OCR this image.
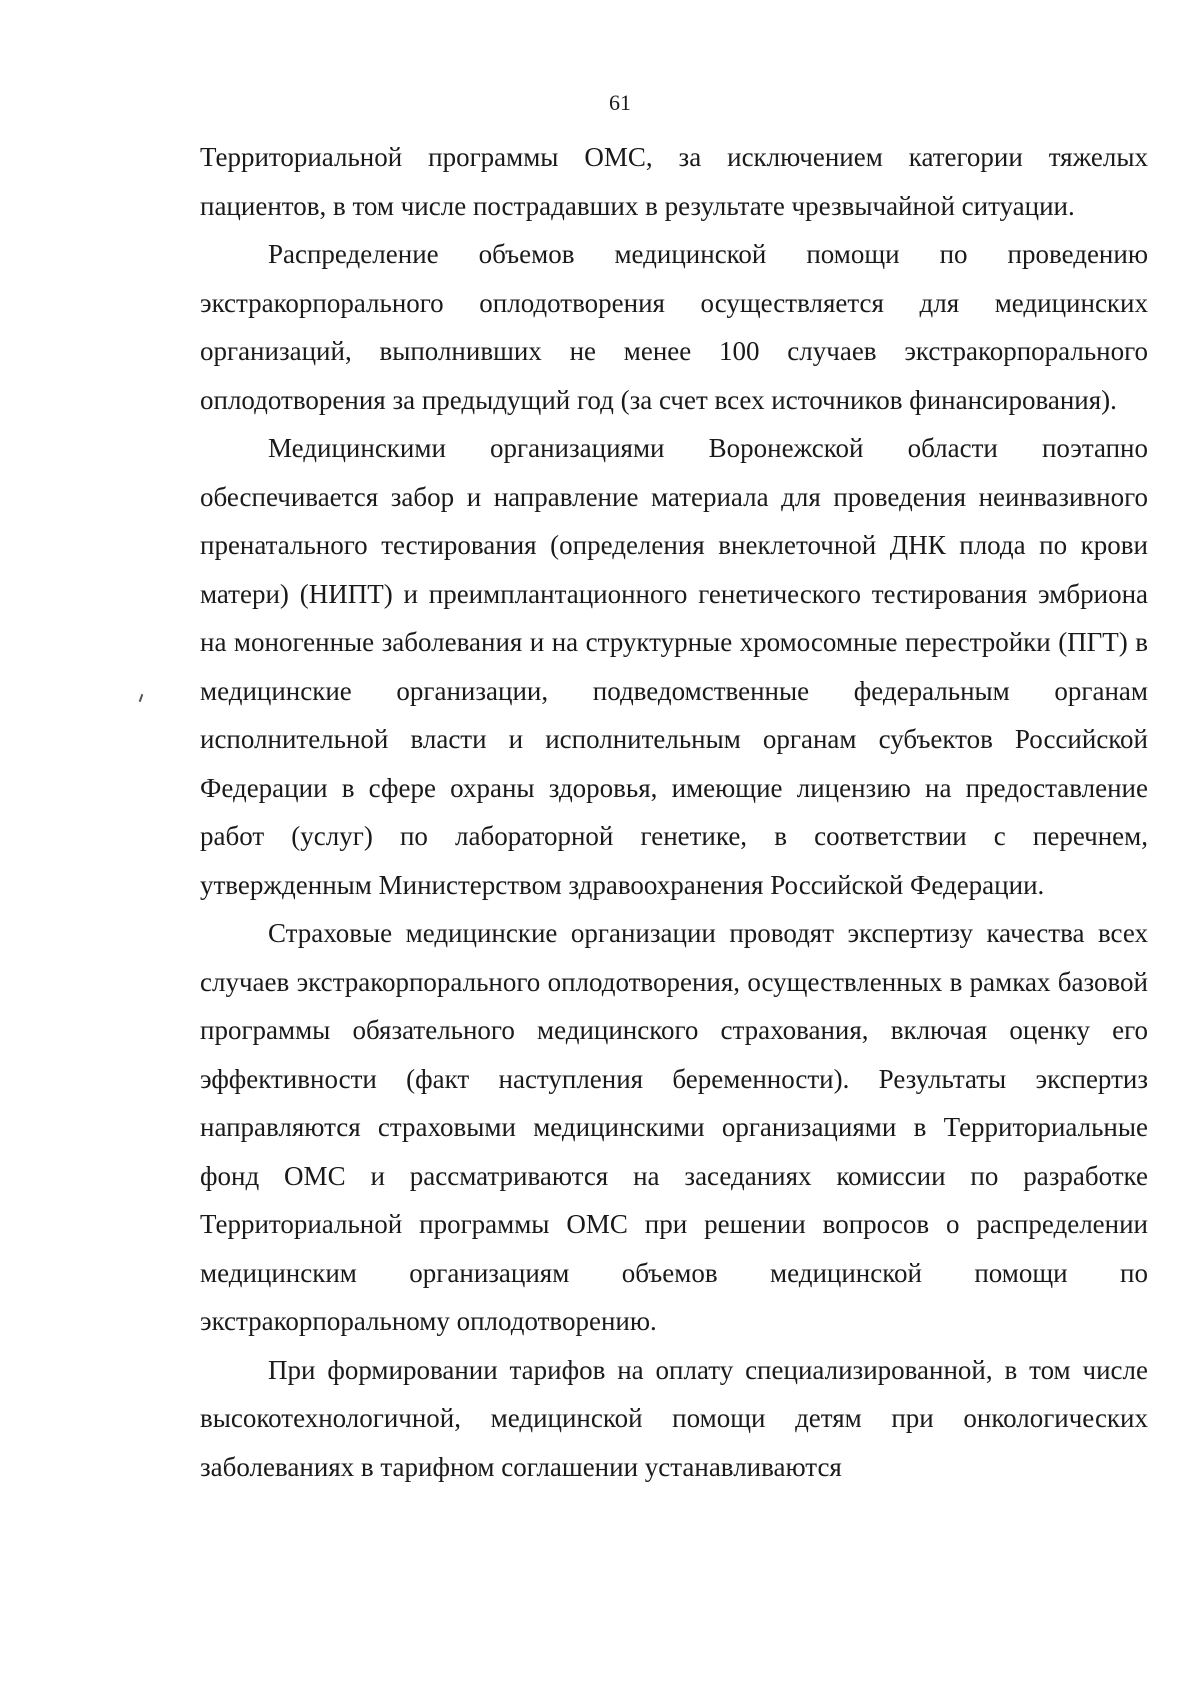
61

Территориальной программы ОМС, за исключением категории тяжелых пациентов, в том числе пострадавших в результате чрезвычайной ситуации.

Распределение объемов медицинской помощи по проведению экстракорпорального оплодотворения осуществляется для медицинских организаций, выполнивших не менее 100 случаев экстракорпорального оплодотворения за предыдущий год (за счет всех источников финансирования).

Медицинскими организациями Воронежской области поэтапно обеспечивается забор и направление материала для проведения неинвазивного пренатального тестирования (определения внеклеточной ДНК плода по крови матери) (НИПТ) и преимплантационного генетического тестирования эмбриона на моногенные заболевания и на структурные хромосомные перестройки (ПГТ) в медицинские организации, подведомственные федеральным органам исполнительной власти и исполнительным органам субъектов Российской Федерации в сфере охраны здоровья, имеющие лицензию на предоставление работ (услуг) по лабораторной генетике, в соответствии с перечнем, утвержденным Министерством здравоохранения Российской Федерации.

Страховые медицинские организации проводят экспертизу качества всех случаев экстракорпорального оплодотворения, осуществленных в рамках базовой программы обязательного медицинского страхования, включая оценку его эффективности (факт наступления беременности). Результаты экспертиз направляются страховыми медицинскими организациями в Территориальные фонд ОМС и рассматриваются на заседаниях комиссии по разработке Территориальной программы ОМС при решении вопросов о распределении медицинским организациям объемов медицинской помощи по экстракорпоральному оплодотворению.

При формировании тарифов на оплату специализированной, в том числе высокотехнологичной, медицинской помощи детям при онкологических заболеваниях в тарифном соглашении устанавливаются
